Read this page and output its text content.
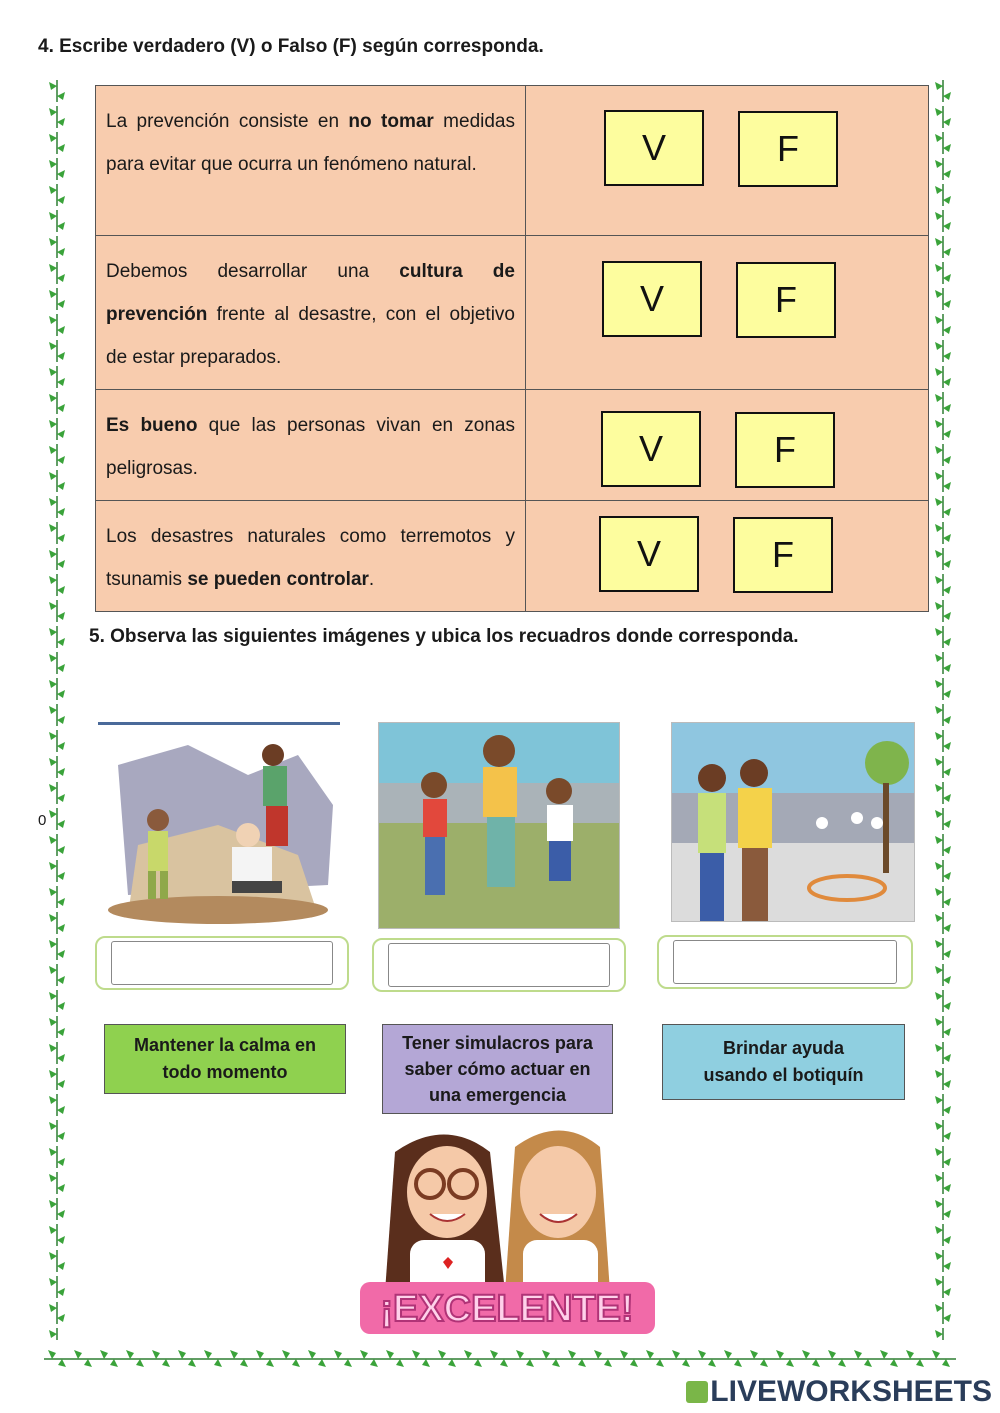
0
4. Escribe verdadero (V) o Falso (F) según corresponda.
La prevención consiste en no tomar medidas para evitar que ocurra un fenómeno natural.	V F

Debemos desarrollar una cultura de prevención frente al desastre, con el objetivo de estar preparados.	V F

Es bueno que las personas vivan en zonas peligrosas.	V F

Los desastres naturales como terremotos y tsunamis se pueden controlar.	V F
5. Observa las siguientes imágenes y ubica los recuadros donde corresponda.
Mantener la calma en todo momento
Tener simulacros para saber cómo actuar en una emergencia
Brindar ayuda usando el botiquín
¡EXCELENTE!
LIVEWORKSHEETS
